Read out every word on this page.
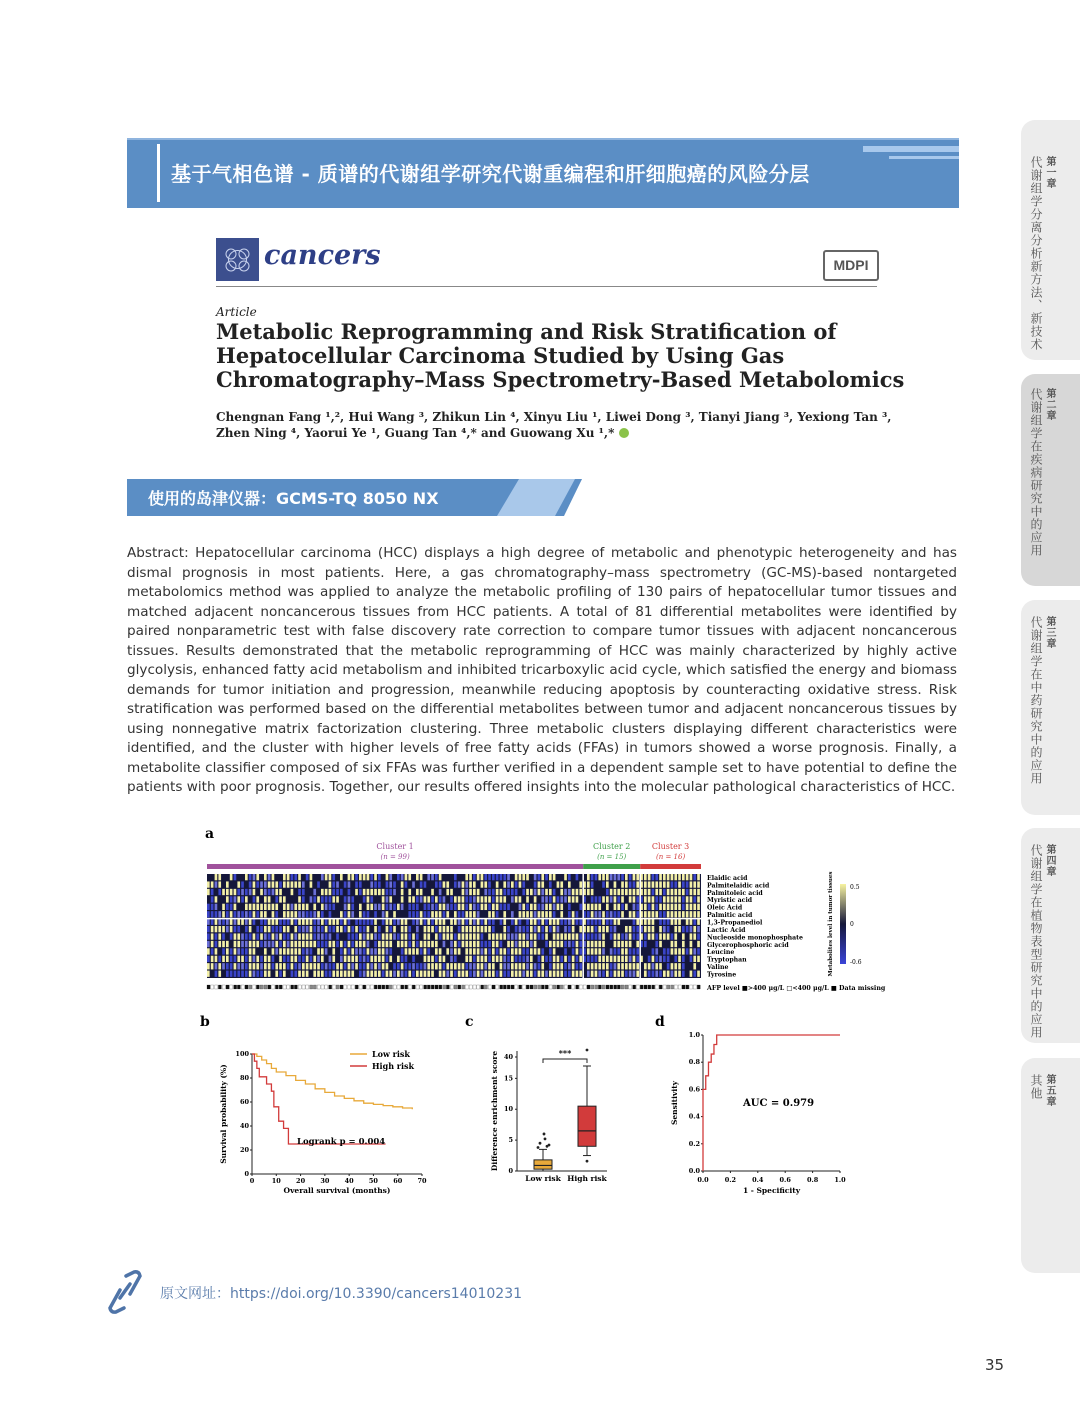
基于气相色谱 - 质谱的代谢组学研究代谢重编程和肝细胞癌的风险分层
cancers	MDPI
Article
Metabolic Reprogramming and Risk Stratification of
Hepatocellular Carcinoma Studied by Using Gas
Chromatography–Mass Spectrometry-Based Metabolomics
Chengnan Fang ¹,², Hui Wang ³, Zhikun Lin ⁴, Xinyu Liu ¹, Liwei Dong ³, Tianyi Jiang ³, Yexiong Tan ³,
Zhen Ning ⁴, Yaorui Ye ¹, Guang Tan ⁴,* and Guowang Xu ¹,*
使用的岛津仪器：GCMS-TQ 8050 NX
Abstract: Hepatocellular carcinoma (HCC) displays a high degree of metabolic and phenotypic heterogeneity and has dismal prognosis in most patients. Here, a gas chromatography–mass spectrometry (GC-MS)-based nontargeted metabolomics method was applied to analyze the metabolic profiling of 130 pairs of hepatocellular tumor tissues and matched adjacent noncancerous tissues from HCC patients. A total of 81 differential metabolites were identified by paired nonparametric test with false discovery rate correction to compare tumor tissues with adjacent noncancerous tissues. Results demonstrated that the metabolic reprogramming of HCC was mainly characterized by highly active glycolysis, enhanced fatty acid metabolism and inhibited tricarboxylic acid cycle, which satisfied the energy and biomass demands for tumor initiation and progression, meanwhile reducing apoptosis by counteracting oxidative stress. Risk stratification was performed based on the differential metabolites between tumor and adjacent noncancerous tissues by using nonnegative matrix factorization clustering. Three metabolic clusters displaying different characteristics were identified, and the cluster with higher levels of free fatty acids (FFAs) in tumors showed a worse prognosis. Finally, a metabolite classifier composed of six FFAs was further verified in a dependent sample set to have potential to define the patients with poor prognosis. Together, our results offered insights into the molecular pathological characteristics of HCC.
Cluster 1
(n = 99)
Cluster 2
(n = 15)
Cluster 3
(n = 16)
Elaidic acid
Palmitelaidic acid
Palmitoleic acid
Myristic acid
Oleic Acid
Palmitic acid
1,3-Propanediol
Lactic Acid
Nucleoside monophosphate
Glycerophosphoric acid
Leucine
Tryptophan
Valine
Tyrosine
0.5
0
-0.6
Metabolites level in tumor tissues
AFP level ■>400 μg/L □<400 μg/L ■ Data missing
0	10 20 30 40 50 60 70
0
20
40
60
80
100
Overall survival (months)
Survival probability (%)
Low risk
High risk
Logrank p = 0.004
0
5
10
15
40
Difference enrichment score
Low risk High risk
***
0.0 0.2 0.4 0.6 0.8 1.0
0.0
0.2
0.4
0.6
0.8
1.0
1 - Specificity
Sensitivity	AUC = 0.979
a
b	c	d
原文网址：https://doi.org/10.3390/cancers14010231
35
第一章
代谢组学分离分析新方法、新技术
第二章
代谢组学在疾病研究中的应用
第三章
代谢组学在中药研究中的应用
第四章
代谢组学在植物表型研究中的应用
第五章
其他
